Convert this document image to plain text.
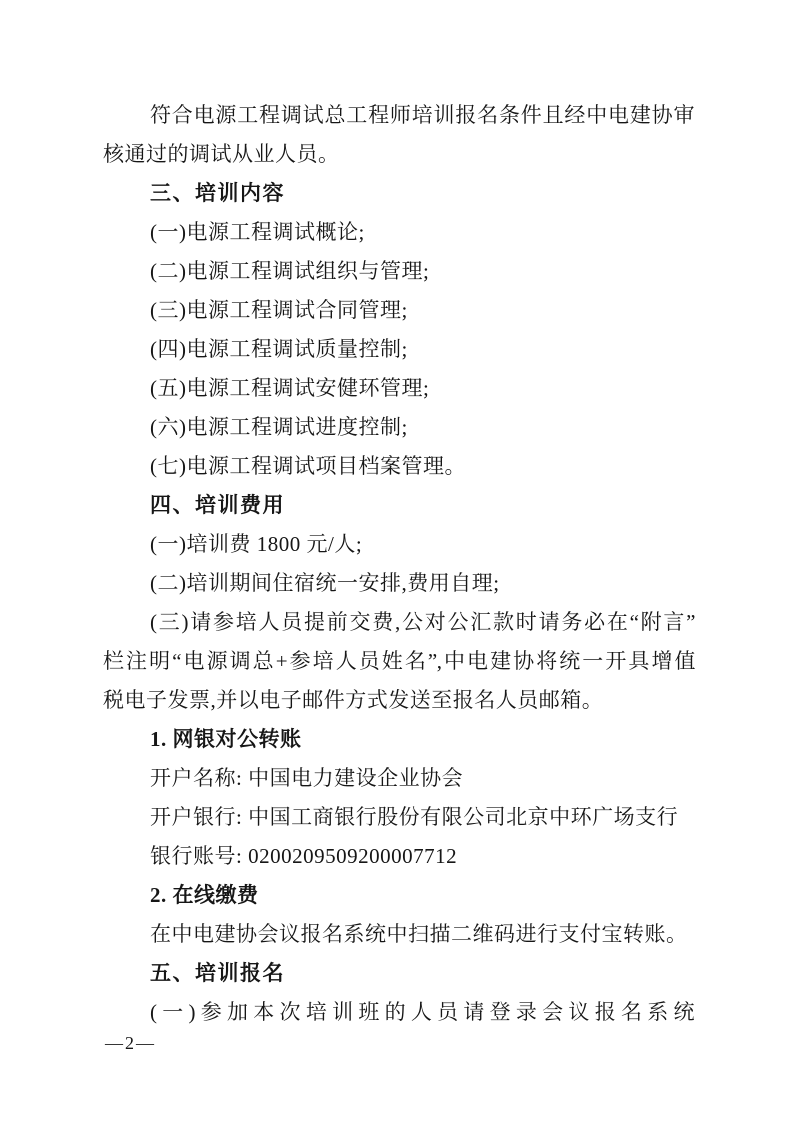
符合电源工程调试总工程师培训报名条件且经中电建协审
核通过的调试从业人员。
三、培训内容
(一)电源工程调试概论;
(二)电源工程调试组织与管理;
(三)电源工程调试合同管理;
(四)电源工程调试质量控制;
(五)电源工程调试安健环管理;
(六)电源工程调试进度控制;
(七)电源工程调试项目档案管理。
四、培训费用
(一)培训费 1800 元/人;
(二)培训期间住宿统一安排,费用自理;
(三)请参培人员提前交费,公对公汇款时请务必在“附言”
栏注明“电源调总+参培人员姓名”,中电建协将统一开具增值
税电子发票,并以电子邮件方式发送至报名人员邮箱。
1. 网银对公转账
开户名称: 中国电力建设企业协会
开户银行: 中国工商银行股份有限公司北京中环广场支行
银行账号: 0200209509200007712
2. 在线缴费
在中电建协会议报名系统中扫描二维码进行支付宝转账。
五、培训报名
(一)参加本次培训班的人员请登录会议报名系统
—2—
